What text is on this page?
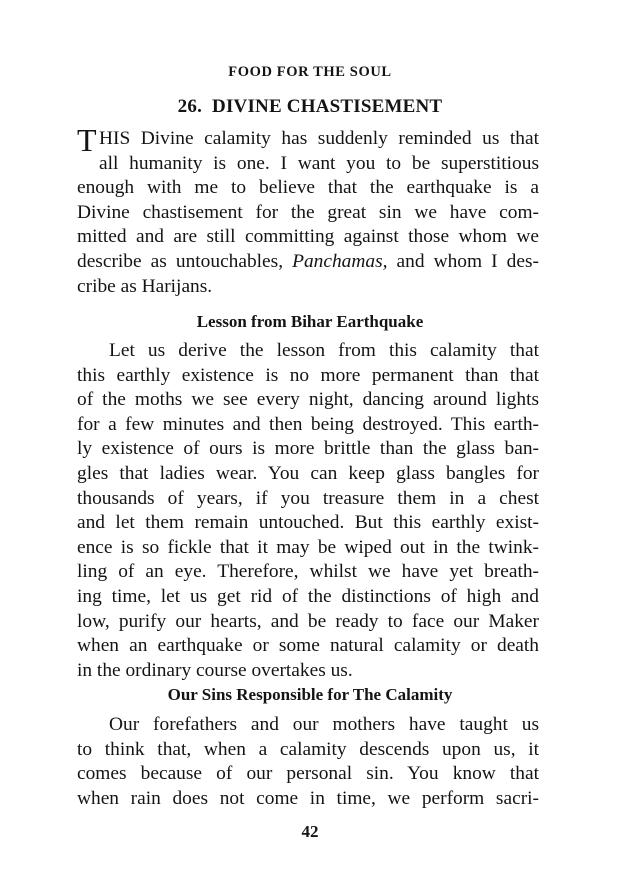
FOOD FOR THE SOUL
26. DIVINE CHASTISEMENT
T HIS Divine calamity has suddenly reminded us that
all humanity is one. I want you to be superstitious
enough with me to believe that the earthquake is a
Divine chastisement for the great sin we have com-
mitted and are still committing against those whom we
describe as untouchables, Panchamas, and whom I des-
cribe as Harijans.
Lesson from Bihar Earthquake
Let us derive the lesson from this calamity that
this earthly existence is no more permanent than that
of the moths we see every night, dancing around lights
for a few minutes and then being destroyed. This earth-
ly existence of ours is more brittle than the glass ban-
gles that ladies wear. You can keep glass bangles for
thousands of years, if you treasure them in a chest
and let them remain untouched. But this earthly exist-
ence is so fickle that it may be wiped out in the twink-
ling of an eye. Therefore, whilst we have yet breath-
ing time, let us get rid of the distinctions of high and
low, purify our hearts, and be ready to face our Maker
when an earthquake or some natural calamity or death
in the ordinary course overtakes us.
Our Sins Responsible for The Calamity
Our forefathers and our mothers have taught us
to think that, when a calamity descends upon us, it
comes because of our personal sin. You know that
when rain does not come in time, we perform sacri-
42
